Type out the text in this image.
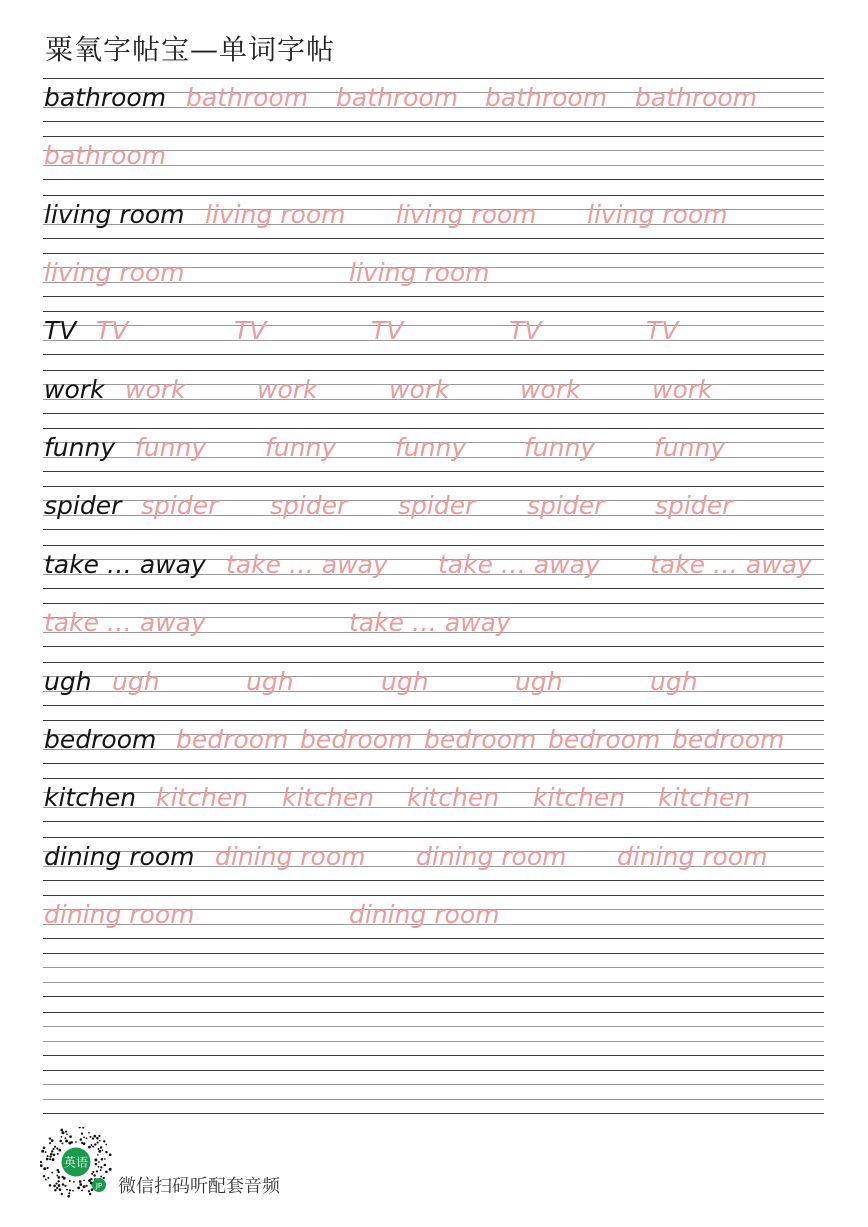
粟氧字帖宝—单词字帖
bathroom bathroom bathroom bathroom bathroom
bathroom
living room living room living room living room
living room	living room
TV TV	TV	TV	TV	TV
work work	work	work	work	work
funny funny funny funny funny funny
spider spider spider spider spider spider
take … away take … away take … away take … away
take … away	take … away
ugh ugh	ugh	ugh	ugh	ugh
bedroom bedroom bedroom bedroom bedroom bedroom
kitchen kitchen kitchen kitchen kitchen kitchen
dining room dining room dining room dining room
dining room	dining room
英语
JP 微信扫码听配套音频
